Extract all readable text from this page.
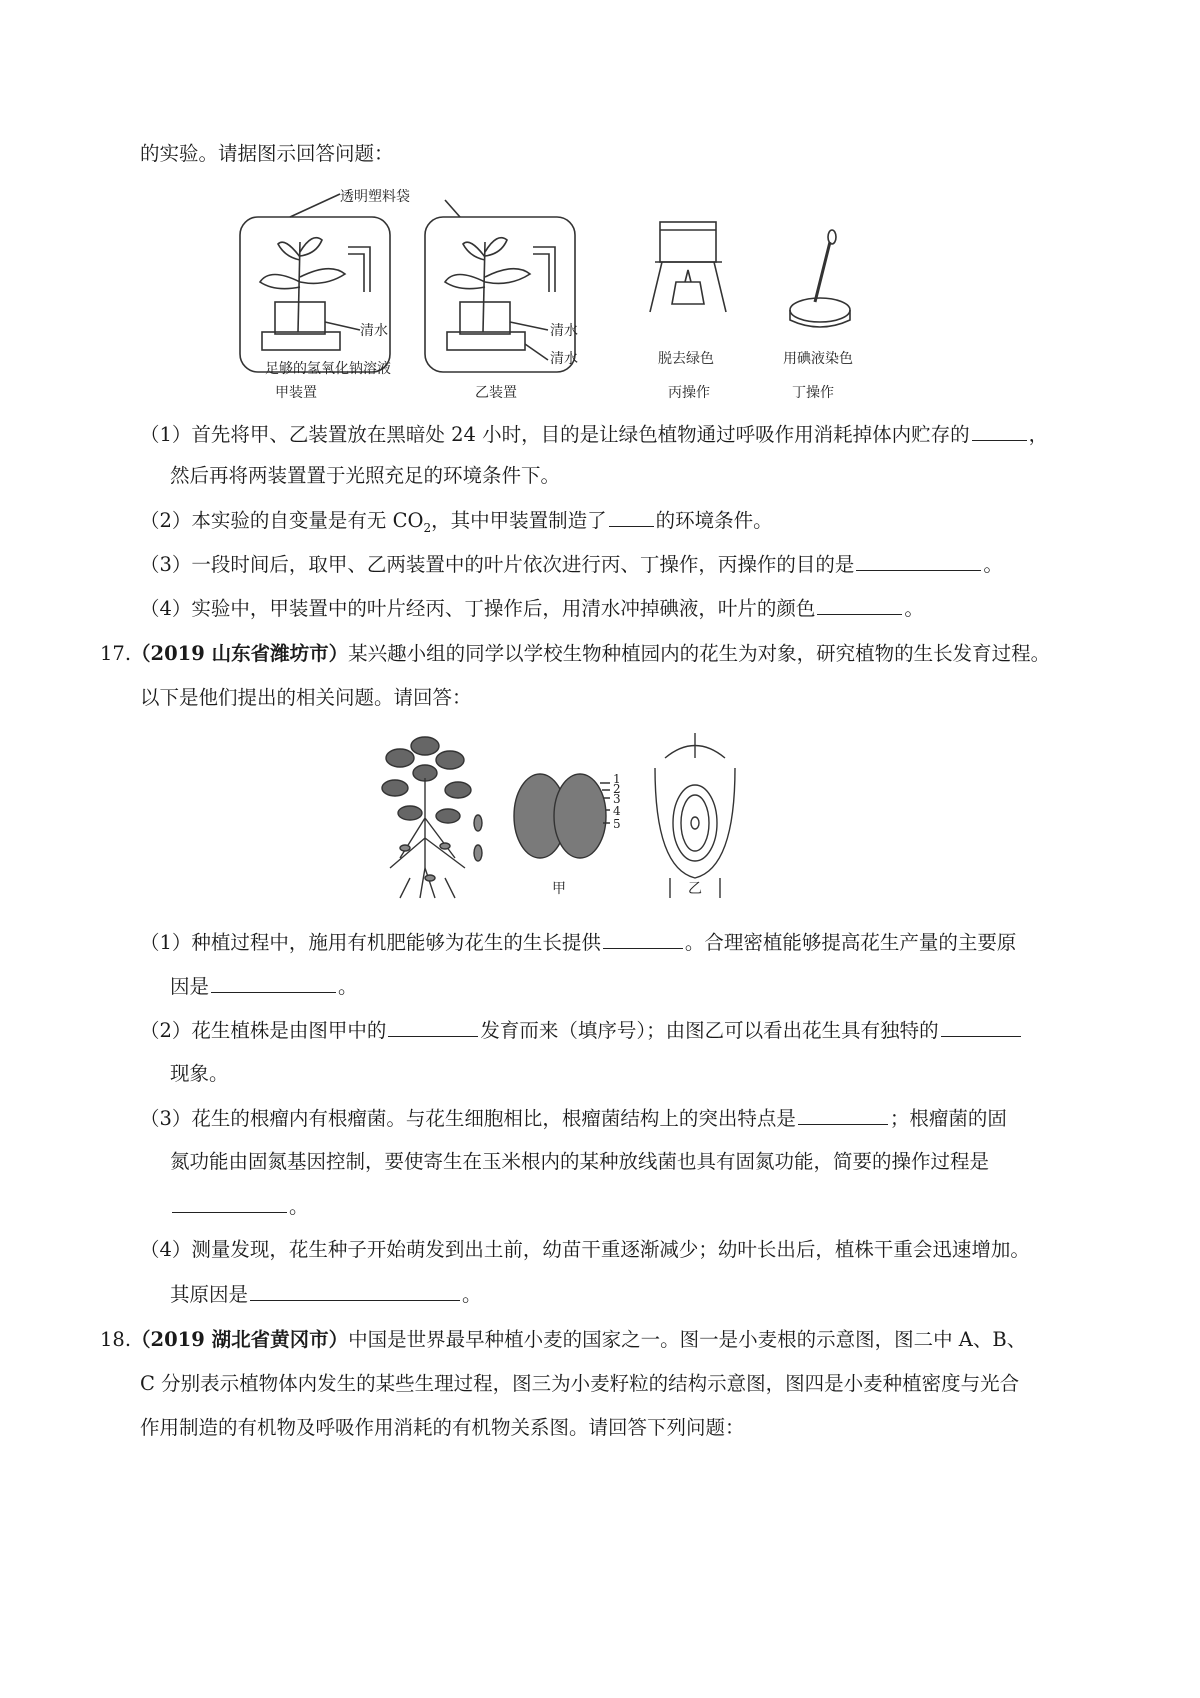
的实验。请据图示回答问题：
透明塑料袋
清水	清水
清水
足够的氢氧化钠溶液
甲装置	乙装置
脱去绿色
丙操作
用碘液染色
丁操作
（1）首先将甲、乙装置放在黑暗处 24 小时，目的是让绿色植物通过呼吸作用消耗掉体内贮存的	，
然后再将两装置置于光照充足的环境条件下。
（2）本实验的自变量是有无 $CO_2$，其中甲装置制造了	的环境条件。
（3）一段时间后，取甲、乙两装置中的叶片依次进行丙、丁操作，丙操作的目的是	。
（4）实验中，甲装置中的叶片经丙、丁操作后，用清水冲掉碘液，叶片的颜色	。
17.（2019 山东省潍坊市）某兴趣小组的同学以学校生物种植园内的花生为对象，研究植物的生长发育过程。
以下是他们提出的相关问题。请回答：
1
2
3
4
5
甲	乙
（1）种植过程中，施用有机肥能够为花生的生长提供	。合理密植能够提高花生产量的主要原
因是	。
（2）花生植株是由图甲中的	发育而来（填序号）；由图乙可以看出花生具有独特的
现象。
（3）花生的根瘤内有根瘤菌。与花生细胞相比，根瘤菌结构上的突出特点是	；根瘤菌的固
氮功能由固氮基因控制，要使寄生在玉米根内的某种放线菌也具有固氮功能，简要的操作过程是
。
（4）测量发现，花生种子开始萌发到出土前，幼苗干重逐渐减少；幼叶长出后，植株干重会迅速增加。
其原因是	。
18.（2019 湖北省黄冈市）中国是世界最早种植小麦的国家之一。图一是小麦根的示意图，图二中 A、B、
C 分别表示植物体内发生的某些生理过程，图三为小麦籽粒的结构示意图，图四是小麦种植密度与光合
作用制造的有机物及呼吸作用消耗的有机物关系图。请回答下列问题：
